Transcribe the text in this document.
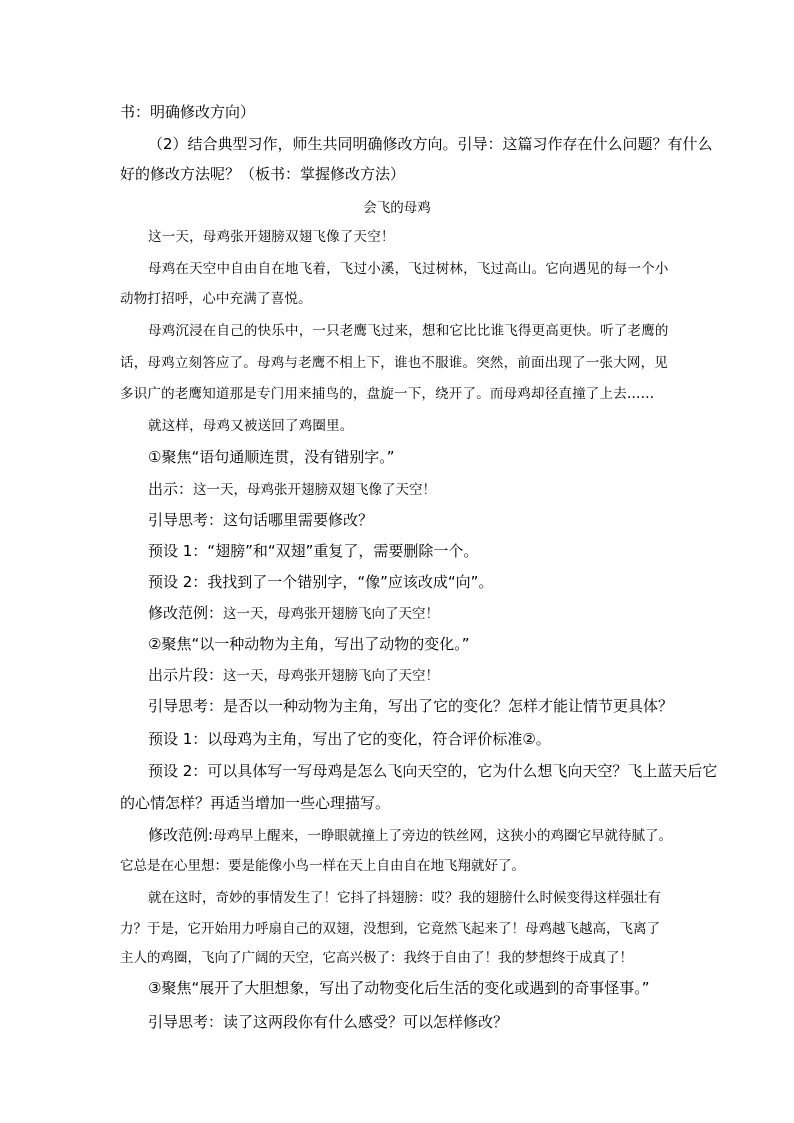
书：明确修改方向）
（2）结合典型习作，师生共同明确修改方向。引导：这篇习作存在什么问题？有什么
好的修改方法呢？（板书：掌握修改方法）
会飞的母鸡
这一天，母鸡张开翅膀双翅飞像了天空！
母鸡在天空中自由自在地飞着，飞过小溪，飞过树林，飞过高山。它向遇见的每一个小
动物打招呼，心中充满了喜悦。
母鸡沉浸在自己的快乐中，一只老鹰飞过来，想和它比比谁飞得更高更快。听了老鹰的
话，母鸡立刻答应了。母鸡与老鹰不相上下，谁也不服谁。突然，前面出现了一张大网，见
多识广的老鹰知道那是专门用来捕鸟的，盘旋一下，绕开了。而母鸡却径直撞了上去……
就这样，母鸡又被送回了鸡圈里。
①聚焦“语句通顺连贯，没有错别字。”
出示：这一天，母鸡张开翅膀双翅飞像了天空！
引导思考：这句话哪里需要修改？
预设 1：“翅膀”和“双翅”重复了，需要删除一个。
预设 2：我找到了一个错别字，“像”应该改成“向”。
修改范例：这一天，母鸡张开翅膀飞向了天空！
②聚焦“以一种动物为主角，写出了动物的变化。”
出示片段：这一天，母鸡张开翅膀飞向了天空！
引导思考：是否以一种动物为主角，写出了它的变化？怎样才能让情节更具体？
预设 1：以母鸡为主角，写出了它的变化，符合评价标准②。
预设 2：可以具体写一写母鸡是怎么飞向天空的，它为什么想飞向天空？飞上蓝天后它
的心情怎样？再适当增加一些心理描写。
修改范例:母鸡早上醒来，一睁眼就撞上了旁边的铁丝网，这狭小的鸡圈它早就待腻了。
它总是在心里想：要是能像小鸟一样在天上自由自在地飞翔就好了。
就在这时，奇妙的事情发生了！它抖了抖翅膀：哎？我的翅膀什么时候变得这样强壮有
力？于是，它开始用力呼扇自己的双翅，没想到，它竟然飞起来了！母鸡越飞越高，飞离了
主人的鸡圈，飞向了广阔的天空，它高兴极了：我终于自由了！我的梦想终于成真了！
③聚焦“展开了大胆想象，写出了动物变化后生活的变化或遇到的奇事怪事。”
引导思考：读了这两段你有什么感受？可以怎样修改？
